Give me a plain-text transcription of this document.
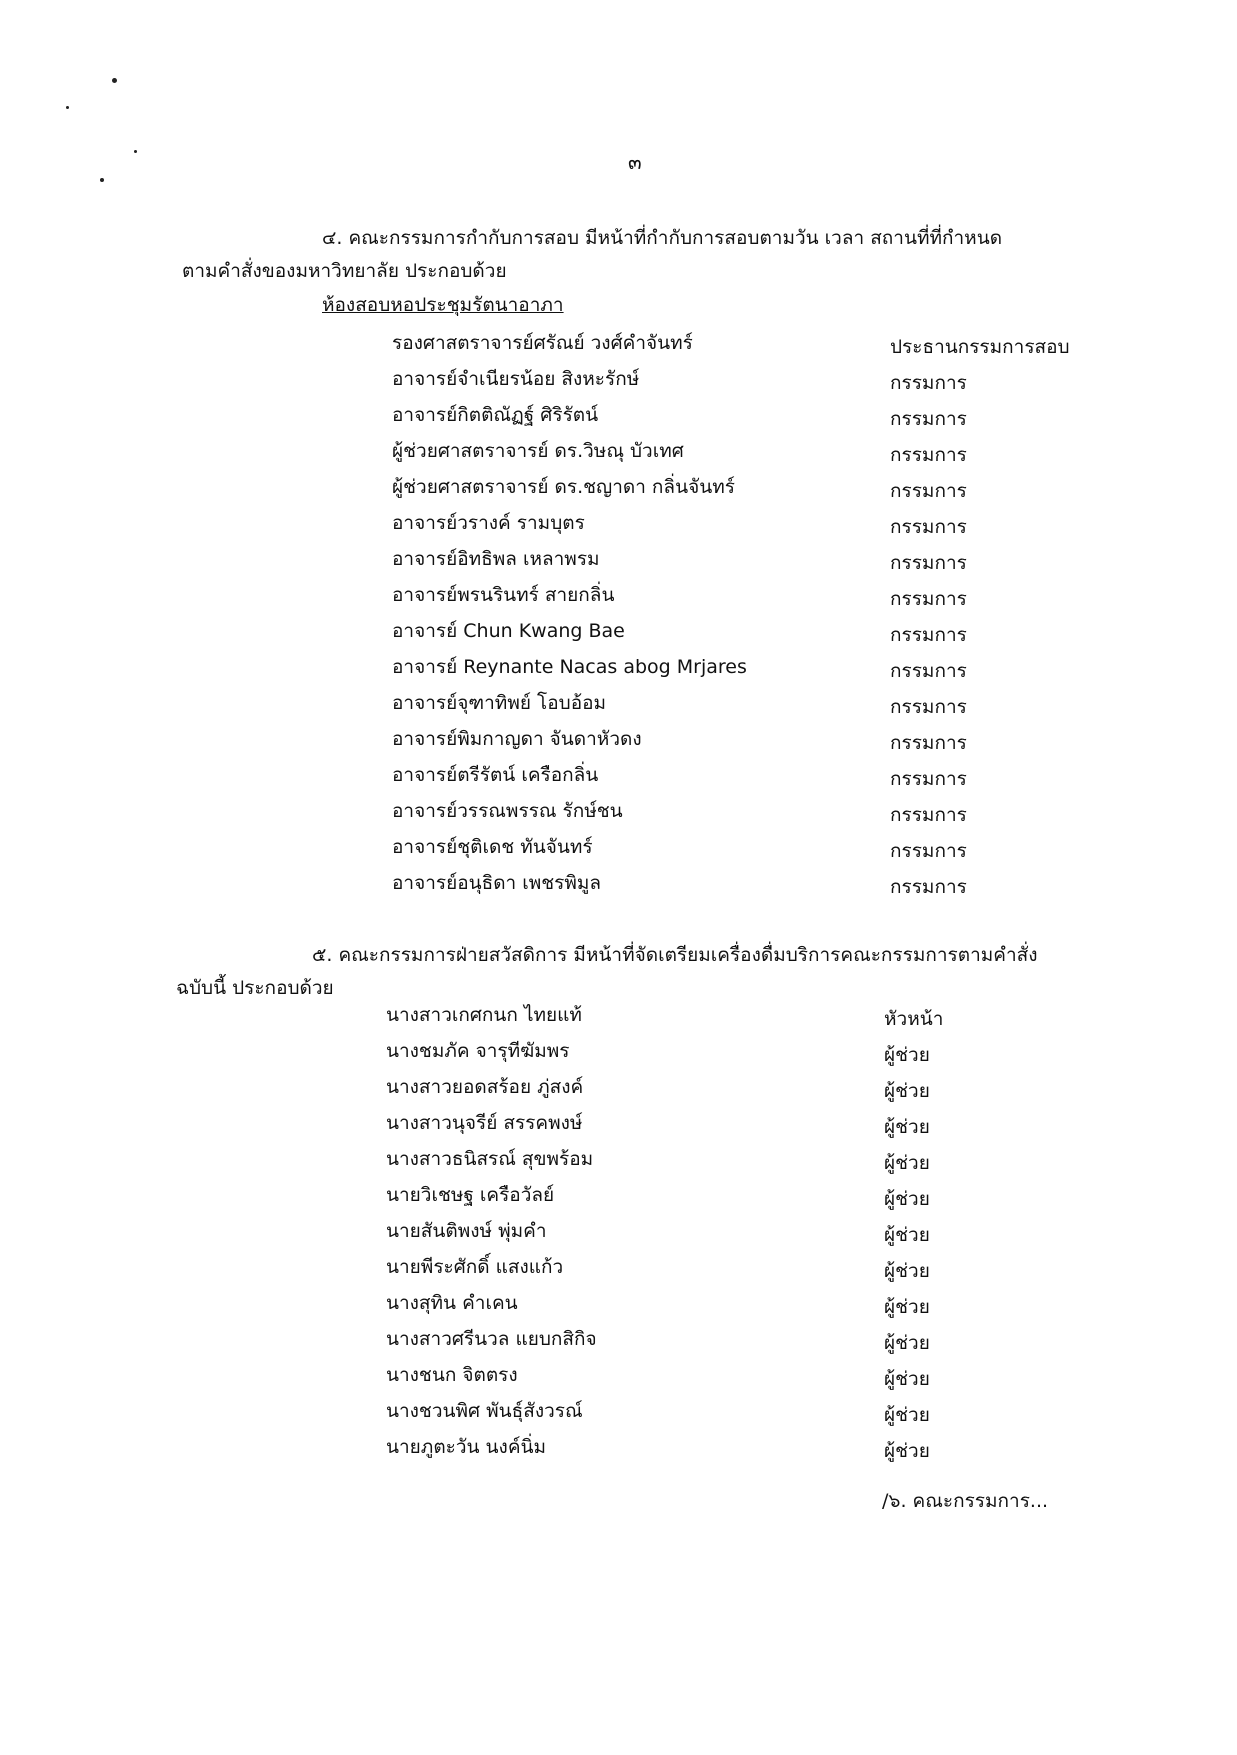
๓
๔. คณะกรรมการกำกับการสอบ มีหน้าที่กำกับการสอบตามวัน เวลา สถานที่ที่กำหนด
ตามคำสั่งของมหาวิทยาลัย ประกอบด้วย
ห้องสอบหอประชุมรัตนาอาภา
รองศาสตราจารย์ศรัณย์ วงศ์คำจันทร์	ประธานกรรมการสอบ
อาจารย์จำเนียรน้อย สิงหะรักษ์	กรรมการ
อาจารย์กิตติณัฏฐ์ ศิริรัตน์	กรรมการ
ผู้ช่วยศาสตราจารย์ ดร.วิษณุ บัวเทศ	กรรมการ
ผู้ช่วยศาสตราจารย์ ดร.ชญาดา กลิ่นจันทร์	กรรมการ
อาจารย์วรางค์ รามบุตร	กรรมการ
อาจารย์อิทธิพล เหลาพรม	กรรมการ
อาจารย์พรนรินทร์ สายกลิ่น	กรรมการ
อาจารย์ Chun Kwang Bae	กรรมการ
อาจารย์ Reynante Nacas abog Mrjares	กรรมการ
อาจารย์จุฑาทิพย์ โอบอ้อม	กรรมการ
อาจารย์พิมกาญดา จันดาหัวดง	กรรมการ
อาจารย์ตรีรัตน์ เครือกลิ่น	กรรมการ
อาจารย์วรรณพรรณ รักษ์ชน	กรรมการ
อาจารย์ชุติเดช ทันจันทร์	กรรมการ
อาจารย์อนุธิดา เพชรพิมูล	กรรมการ
๕. คณะกรรมการฝ่ายสวัสดิการ มีหน้าที่จัดเตรียมเครื่องดื่มบริการคณะกรรมการตามคำสั่ง
ฉบับนี้ ประกอบด้วย
นางสาวเกศกนก ไทยแท้	หัวหน้า
นางชมภัค จารุทีฆัมพร	ผู้ช่วย
นางสาวยอดสร้อย ภู่สงค์	ผู้ช่วย
นางสาวนุจรีย์ สรรคพงษ์	ผู้ช่วย
นางสาวธนิสรณ์ สุขพร้อม	ผู้ช่วย
นายวิเชษฐ เครือวัลย์	ผู้ช่วย
นายสันติพงษ์ พุ่มคำ	ผู้ช่วย
นายพีระศักดิ์ แสงแก้ว	ผู้ช่วย
นางสุทิน คำเคน	ผู้ช่วย
นางสาวศรีนวล แยบกสิกิจ	ผู้ช่วย
นางชนก จิตตรง	ผู้ช่วย
นางชวนพิศ พันธุ์สังวรณ์	ผู้ช่วย
นายภูตะวัน นงค์นิ่ม	ผู้ช่วย
/๖. คณะกรรมการ...
